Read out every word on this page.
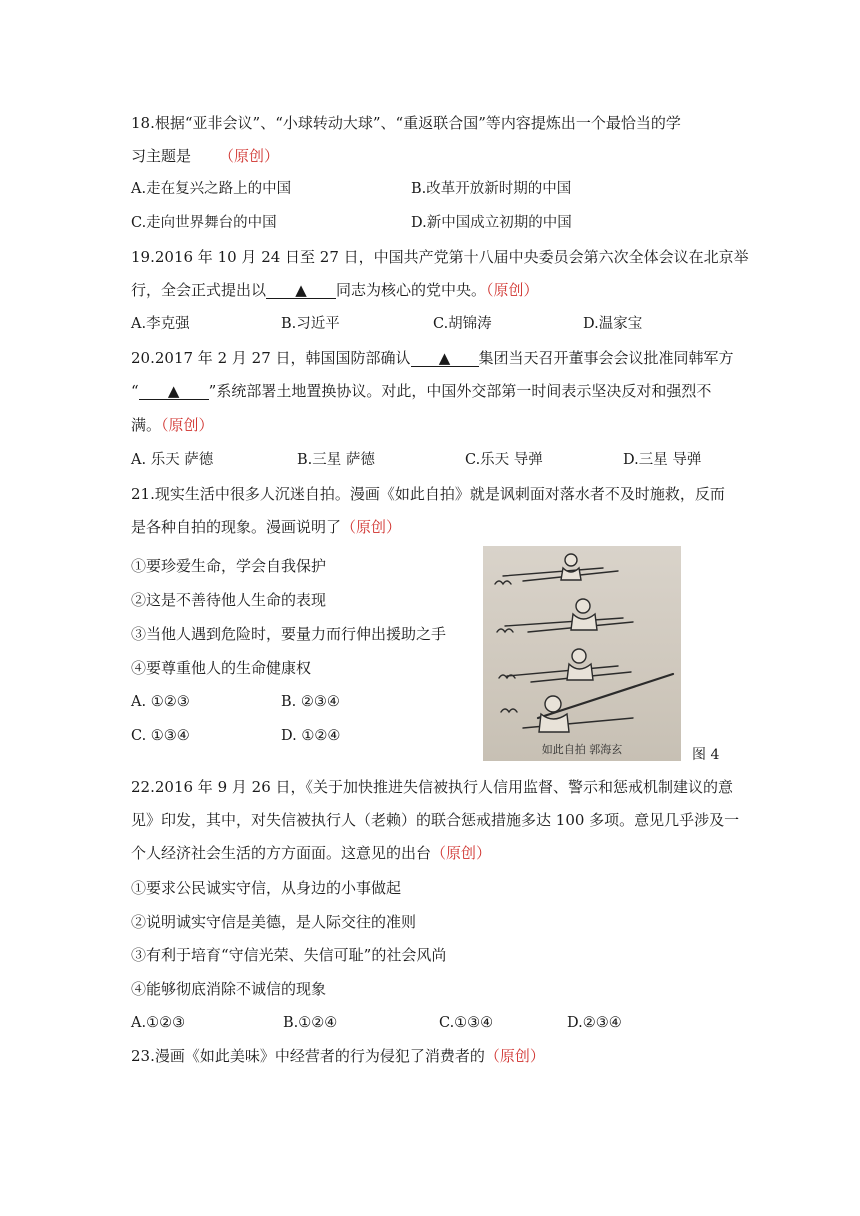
18.根据“亚非会议”、“小球转动大球”、“重返联合国”等内容提炼出一个最恰当的学
习主题是 （原创）
A.走在复兴之路上的中国	B.改革开放新时期的中国
C.走向世界舞台的中国	D.新中国成立初期的中国
19.2016 年 10 月 24 日至 27 日，中国共产党第十八届中央委员会第六次全体会议在北京举
行，全会正式提出以 ▲ 同志为核心的党中央。（原创）
A.李克强	B.习近平	C.胡锦涛	D.温家宝
20.2017 年 2 月 27 日，韩国国防部确认 ▲ 集团当天召开董事会会议批准同韩军方
“ ▲ ”系统部署土地置换协议。对此，中国外交部第一时间表示坚决反对和强烈不
满。（原创）
A. 乐天 萨德	B.三星 萨德	C.乐天 导弹	D.三星 导弹
21.现实生活中很多人沉迷自拍。漫画《如此自拍》就是讽刺面对落水者不及时施救，反而
是各种自拍的现象。漫画说明了（原创）
①要珍爱生命，学会自我保护
②这是不善待他人生命的表现
③当他人遇到危险时，要量力而行伸出援助之手
④要尊重他人的生命健康权
A. ①②③	B. ②③④
C. ①③④	D. ①②④
如此自拍 郭海玄	图 4
22.2016 年 9 月 26 日，《关于加快推进失信被执行人信用监督、警示和惩戒机制建议的意
见》印发，其中，对失信被执行人（老赖）的联合惩戒措施多达 100 多项。意见几乎涉及一
个人经济社会生活的方方面面。这意见的出台（原创）
①要求公民诚实守信，从身边的小事做起
②说明诚实守信是美德，是人际交往的准则
③有利于培育“守信光荣、失信可耻”的社会风尚
④能够彻底消除不诚信的现象
A.①②③	B.①②④	C.①③④	D.②③④
23.漫画《如此美味》中经营者的行为侵犯了消费者的（原创）
